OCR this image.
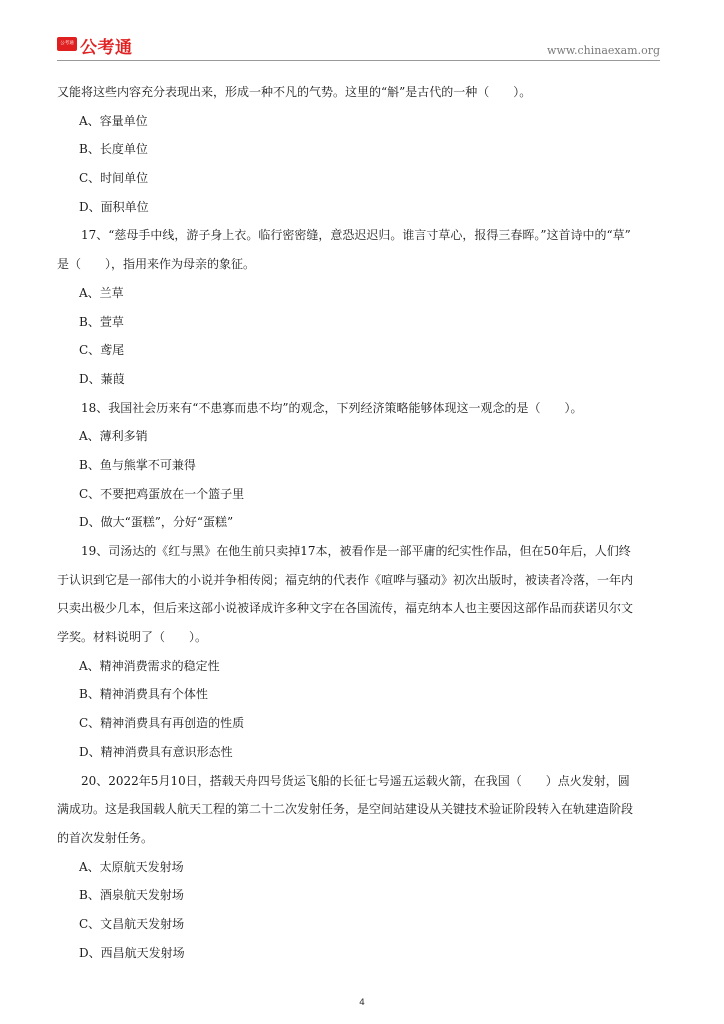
公考通 公考通	www.chinaexam.org
又能将这些内容充分表现出来，形成一种不凡的气势。这里的“斛”是古代的一种（　　）。
A、容量单位
B、长度单位
C、时间单位
D、面积单位
17、“慈母手中线，游子身上衣。临行密密缝，意恐迟迟归。谁言寸草心，报得三春晖。”这首诗中的“草”
是（　　），指用来作为母亲的象征。
A、兰草
B、萱草
C、鸢尾
D、蒹葭
18、我国社会历来有“不患寡而患不均”的观念，下列经济策略能够体现这一观念的是（　　）。
A、薄利多销
B、鱼与熊掌不可兼得
C、不要把鸡蛋放在一个篮子里
D、做大“蛋糕”，分好“蛋糕”
19、司汤达的《红与黑》在他生前只卖掉17本，被看作是一部平庸的纪实性作品，但在50年后，人们终
于认识到它是一部伟大的小说并争相传阅；福克纳的代表作《喧哗与骚动》初次出版时，被读者冷落，一年内
只卖出极少几本，但后来这部小说被译成许多种文字在各国流传，福克纳本人也主要因这部作品而获诺贝尔文
学奖。材料说明了（　　）。
A、精神消费需求的稳定性
B、精神消费具有个体性
C、精神消费具有再创造的性质
D、精神消费具有意识形态性
20、2022年5月10日，搭载天舟四号货运飞船的长征七号遥五运载火箭，在我国（　　）点火发射，圆
满成功。这是我国载人航天工程的第二十二次发射任务，是空间站建设从关键技术验证阶段转入在轨建造阶段
的首次发射任务。
A、太原航天发射场
B、酒泉航天发射场
C、文昌航天发射场
D、西昌航天发射场
4
